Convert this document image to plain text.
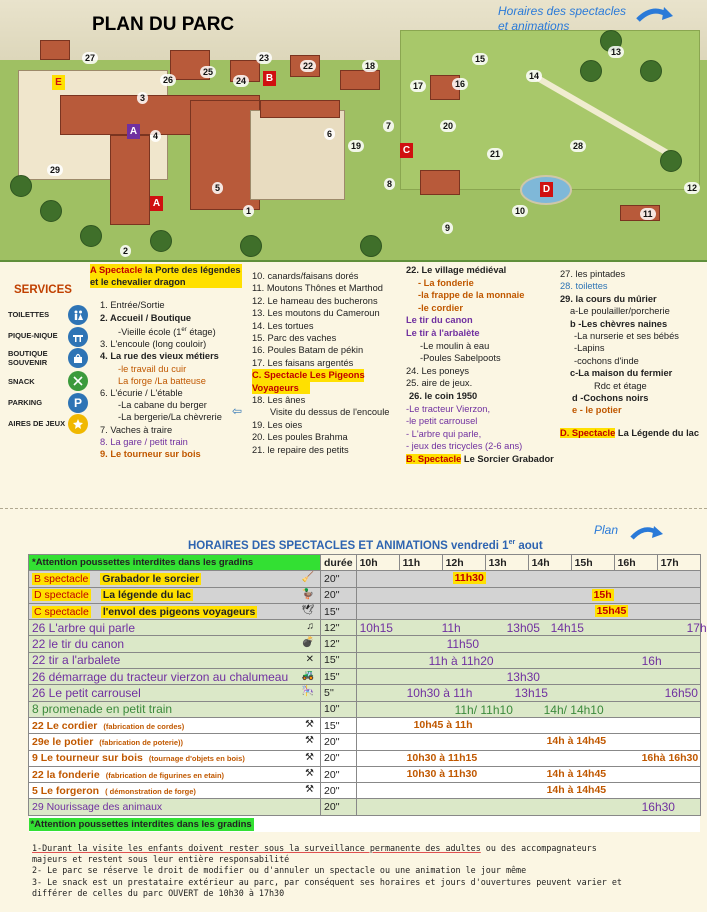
PLAN DU PARC
Horaires des spectacles
et animations
27
26
25
24
23
22	18
17	16
15
13
14
28
20
19
21
29
12
11
10
9
8
7
6
5
4
3
2
1
E
A
A
B
C
D
SERVICES
TOILETTES
PIQUE-NIQUE
BOUTIQUE SOUVENIR
SNACK
PARKING	P
AIRES DE JEUX
A Spectacle la Porte des légendes
et le chevalier dragon
1. Entrée/Sortie
2. Accueil / Boutique
-Vieille école (1er étage)
3. L'encoule (long couloir)
4. La rue des vieux métiers
-le travail du cuir
La forge /La batteuse
6. L'écurie / L'étable
-La cabane du berger
-La bergerie/La chèvrerie
7. Vaches à traire
8. La gare / petit train
9. Le tourneur sur bois
10. canards/faisans dorés
11. Moutons Thônes et Marthod
12. Le hameau des bucherons
13. Les moutons du Cameroun
14. Les tortues
15. Parc des vaches
16. Poules Batam de pékin
17. Les faisans argentés
C. Spectacle Les Pigeons
Voyageurs
18. Les ânes
⇦	Visite du dessus de l'encoule
19. Les oies
20. Les poules Brahma
21. le repaire des petits
22. Le village médiéval
- La fonderie
-la frappe de la monnaie
-le cordier
Le tir du canon
Le tir à l'arbalète
-Le moulin à eau
-Poules Sabelpoots
24. Les poneys
25. aire de jeux.
26. le coin 1950
-Le tracteur Vierzon,
-le petit carrousel
- L'arbre qui parle,
- jeux des tricycles (2-6 ans)
B. Spectacle Le Sorcier Grabador
27. les pintades
28. toilettes
29. la cours du mûrier
a-Le poulailler/porcherie
b -Les chèvres naines
-La nurserie et ses bébés
-Lapins
-cochons d'inde
c-La maison du fermier
Rdc et étage
d -Cochons noirs
e - le potier
D. Spectacle La Légende du lac
Plan
HORAIRES DES SPECTACLES ET ANIMATIONS vendredi 1er aout
*Attention poussettes interdites dans les gradins	durée	10h	11h	12h	13h	14h	15h	16h	17h
B spectacle Grabador le sorcier 🧹	20''	11h30							

D spectacle La légende du lac 🦆	20''	15h							

C spectacle l'envol des pigeons voyageurs 🕊	15''	15h45							

26 L'arbre qui parle ♫	12''	10h15 11h 13h05 14h15 17h							

22 le tir du canon 💣	12''	11h50							

22 tir a l'arbalete ✕	15''	11h à 11h20 16h							

26 démarrage du tracteur vierzon au chalumeau 🚜	15''	13h30							

26 Le petit carrousel 🎠	5''	10h30 à 11h 13h15 16h50							

8 promenade en petit train	10''	11h/ 11h10 14h/ 14h10							

22 Le cordier (fabrication de cordes) ⚒	15''	10h45 à 11h							

29e le potier (fabrication de poterie)) ⚒	20''	14h à 14h45							

9 Le tourneur sur bois (tournage d'objets en bois) ⚒	20''	10h30 à 11h15 16hà 16h30							

22 la fonderie (fabrication de figurines en etain) ⚒	20''	10h30 à 11h30 14h à 14h45							

5 Le forgeron ( démonstration de forge) ⚒	20''	14h à 14h45							

29 Nourissage des animaux	20''	16h30							

*Attention poussettes interdites dans les gradins									
1-Durant la visite les enfants doivent rester sous la surveillance permanente des adultes ou des accompagnateurs
majeurs et restent sous leur entière responsabilité
2- Le parc se réserve le droit de modifier ou d'annuler un spectacle ou une animation le jour même
3- Le snack est un prestataire extérieur au parc, par conséquent ses horaires et jours d'ouvertures peuvent varier et
différer de celles du parc OUVERT de 10h30 à 17h30
